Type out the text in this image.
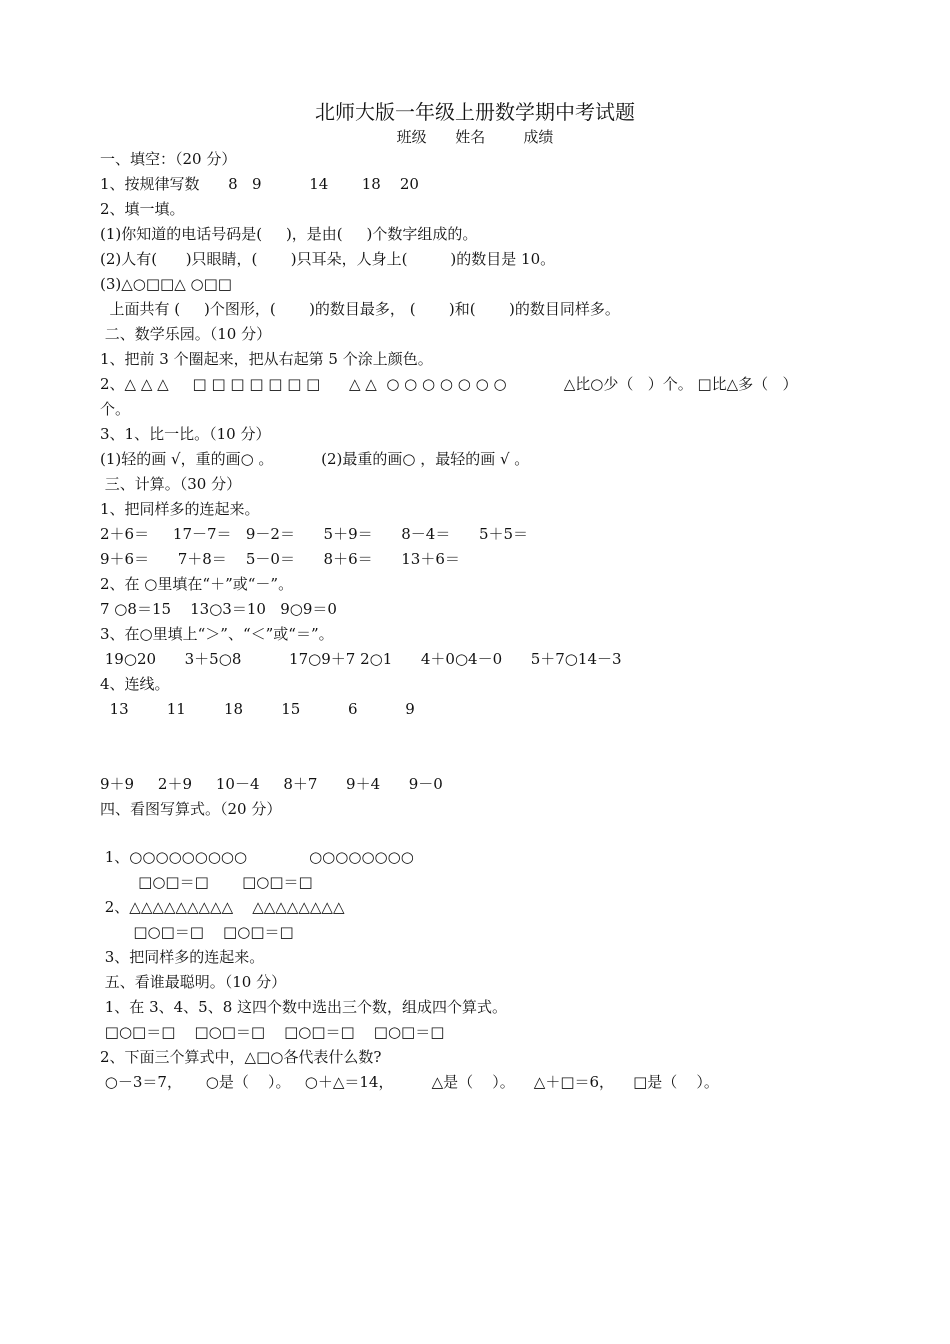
北师大版一年级上册数学期中考试题
班级      姓名        成绩
一、填空：（20 分）
1、按规律写数      8   9          14       18    20
2、填一填。
(1)你知道的电话号码是(     )，是由(     )个数字组成的。
(2)人有(      )只眼睛，(       )只耳朵，人身上(         )的数目是 10。
(3)△○□□△ ○□□
上面共有 (     )个图形，(       )的数目最多， (       )和(       )的数目同样多。
二、数学乐园。（10 分）
1、把前 3 个圈起来，把从右起第 5 个涂上颜色。
2、△ △ △     □ □ □ □ □ □ □      △ △  ○ ○ ○ ○ ○ ○ ○            △比○少（   ）个。 □比△多（   ）
个。
3、1、比一比。（10 分）
(1)轻的画 √，重的画○ 。          (2)最重的画○ ，最轻的画 √ 。
三、计算。（30 分）
1、把同样多的连起来。
2＋6＝     17－7＝   9－2＝      5＋9＝      8－4＝      5＋5＝
9＋6＝      7＋8＝    5－0＝      8＋6＝      13＋6＝
2、在 ○里填在“＋”或“－”。
7 ○8＝15    13○3＝10   9○9＝0
3、在○里填上“＞”、“＜”或“＝”。
19○20      3＋5○8          17○9＋7 2○1      4＋0○4－0      5＋7○14－3
4、连线。
13        11        18        15          6          9
9＋9     2＋9     10－4     8＋7      9＋4      9－0
四、看图写算式。（20 分）
1、○○○○○○○○○             ○○○○○○○○
□○□＝□       □○□＝□
2、△△△△△△△△△    △△△△△△△△
□○□＝□    □○□＝□
3、把同样多的连起来。
五、看谁最聪明。（10 分）
1、在 3、4、5、8 这四个数中选出三个数，组成四个算式。
□○□＝□    □○□＝□    □○□＝□    □○□＝□
2、下面三个算式中，△□○各代表什么数?
○－3＝7，     ○是（    ）。   ○＋△＝14，        △是（    ）。    △＋□＝6，    □是（    ）。
